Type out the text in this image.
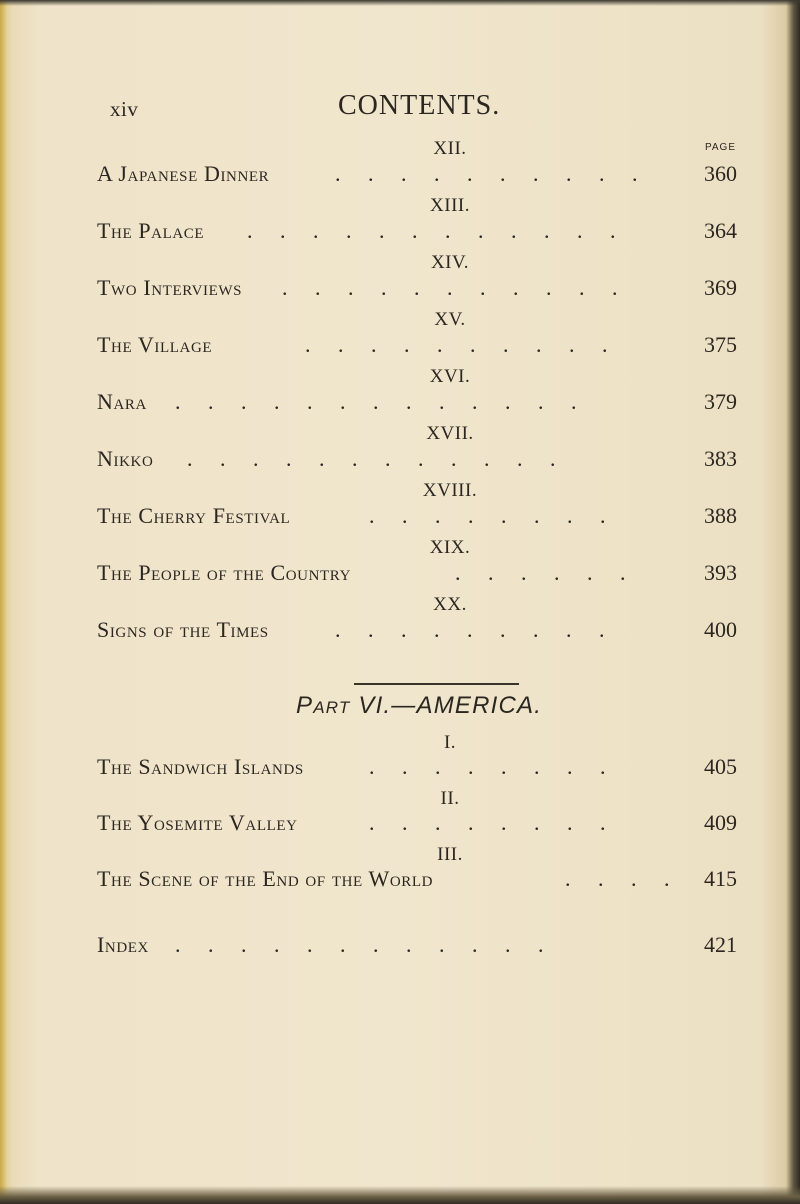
xiv	CONTENTS.
PAGE
XII.
A Japanese Dinner	. . . . . . . . . .	360
XIII.
The Palace . . . . . . . . . . . .	364
XIV.
Two Interviews . . . . . . . . . . .	369
XV.
The Village	. . . . . . . . . .	375
XVI.
Nara . . . . . . . . . . . . .	379
XVII.
Nikko . . . . . . . . . . . .	383
XVIII.
The Cherry Festival	. . . . . . . .	388
XIX.
The People of the Country	. . . . . .	393
XX.
Signs of the Times	. . . . . . . . .	400
Part VI.—AMERICA.
I.
The Sandwich Islands	. . . . . . . .	405
II.
The Yosemite Valley	. . . . . . . .	409
III.
The Scene of the End of the World	. . . . 415
Index . . . . . . . . . . . .	421
